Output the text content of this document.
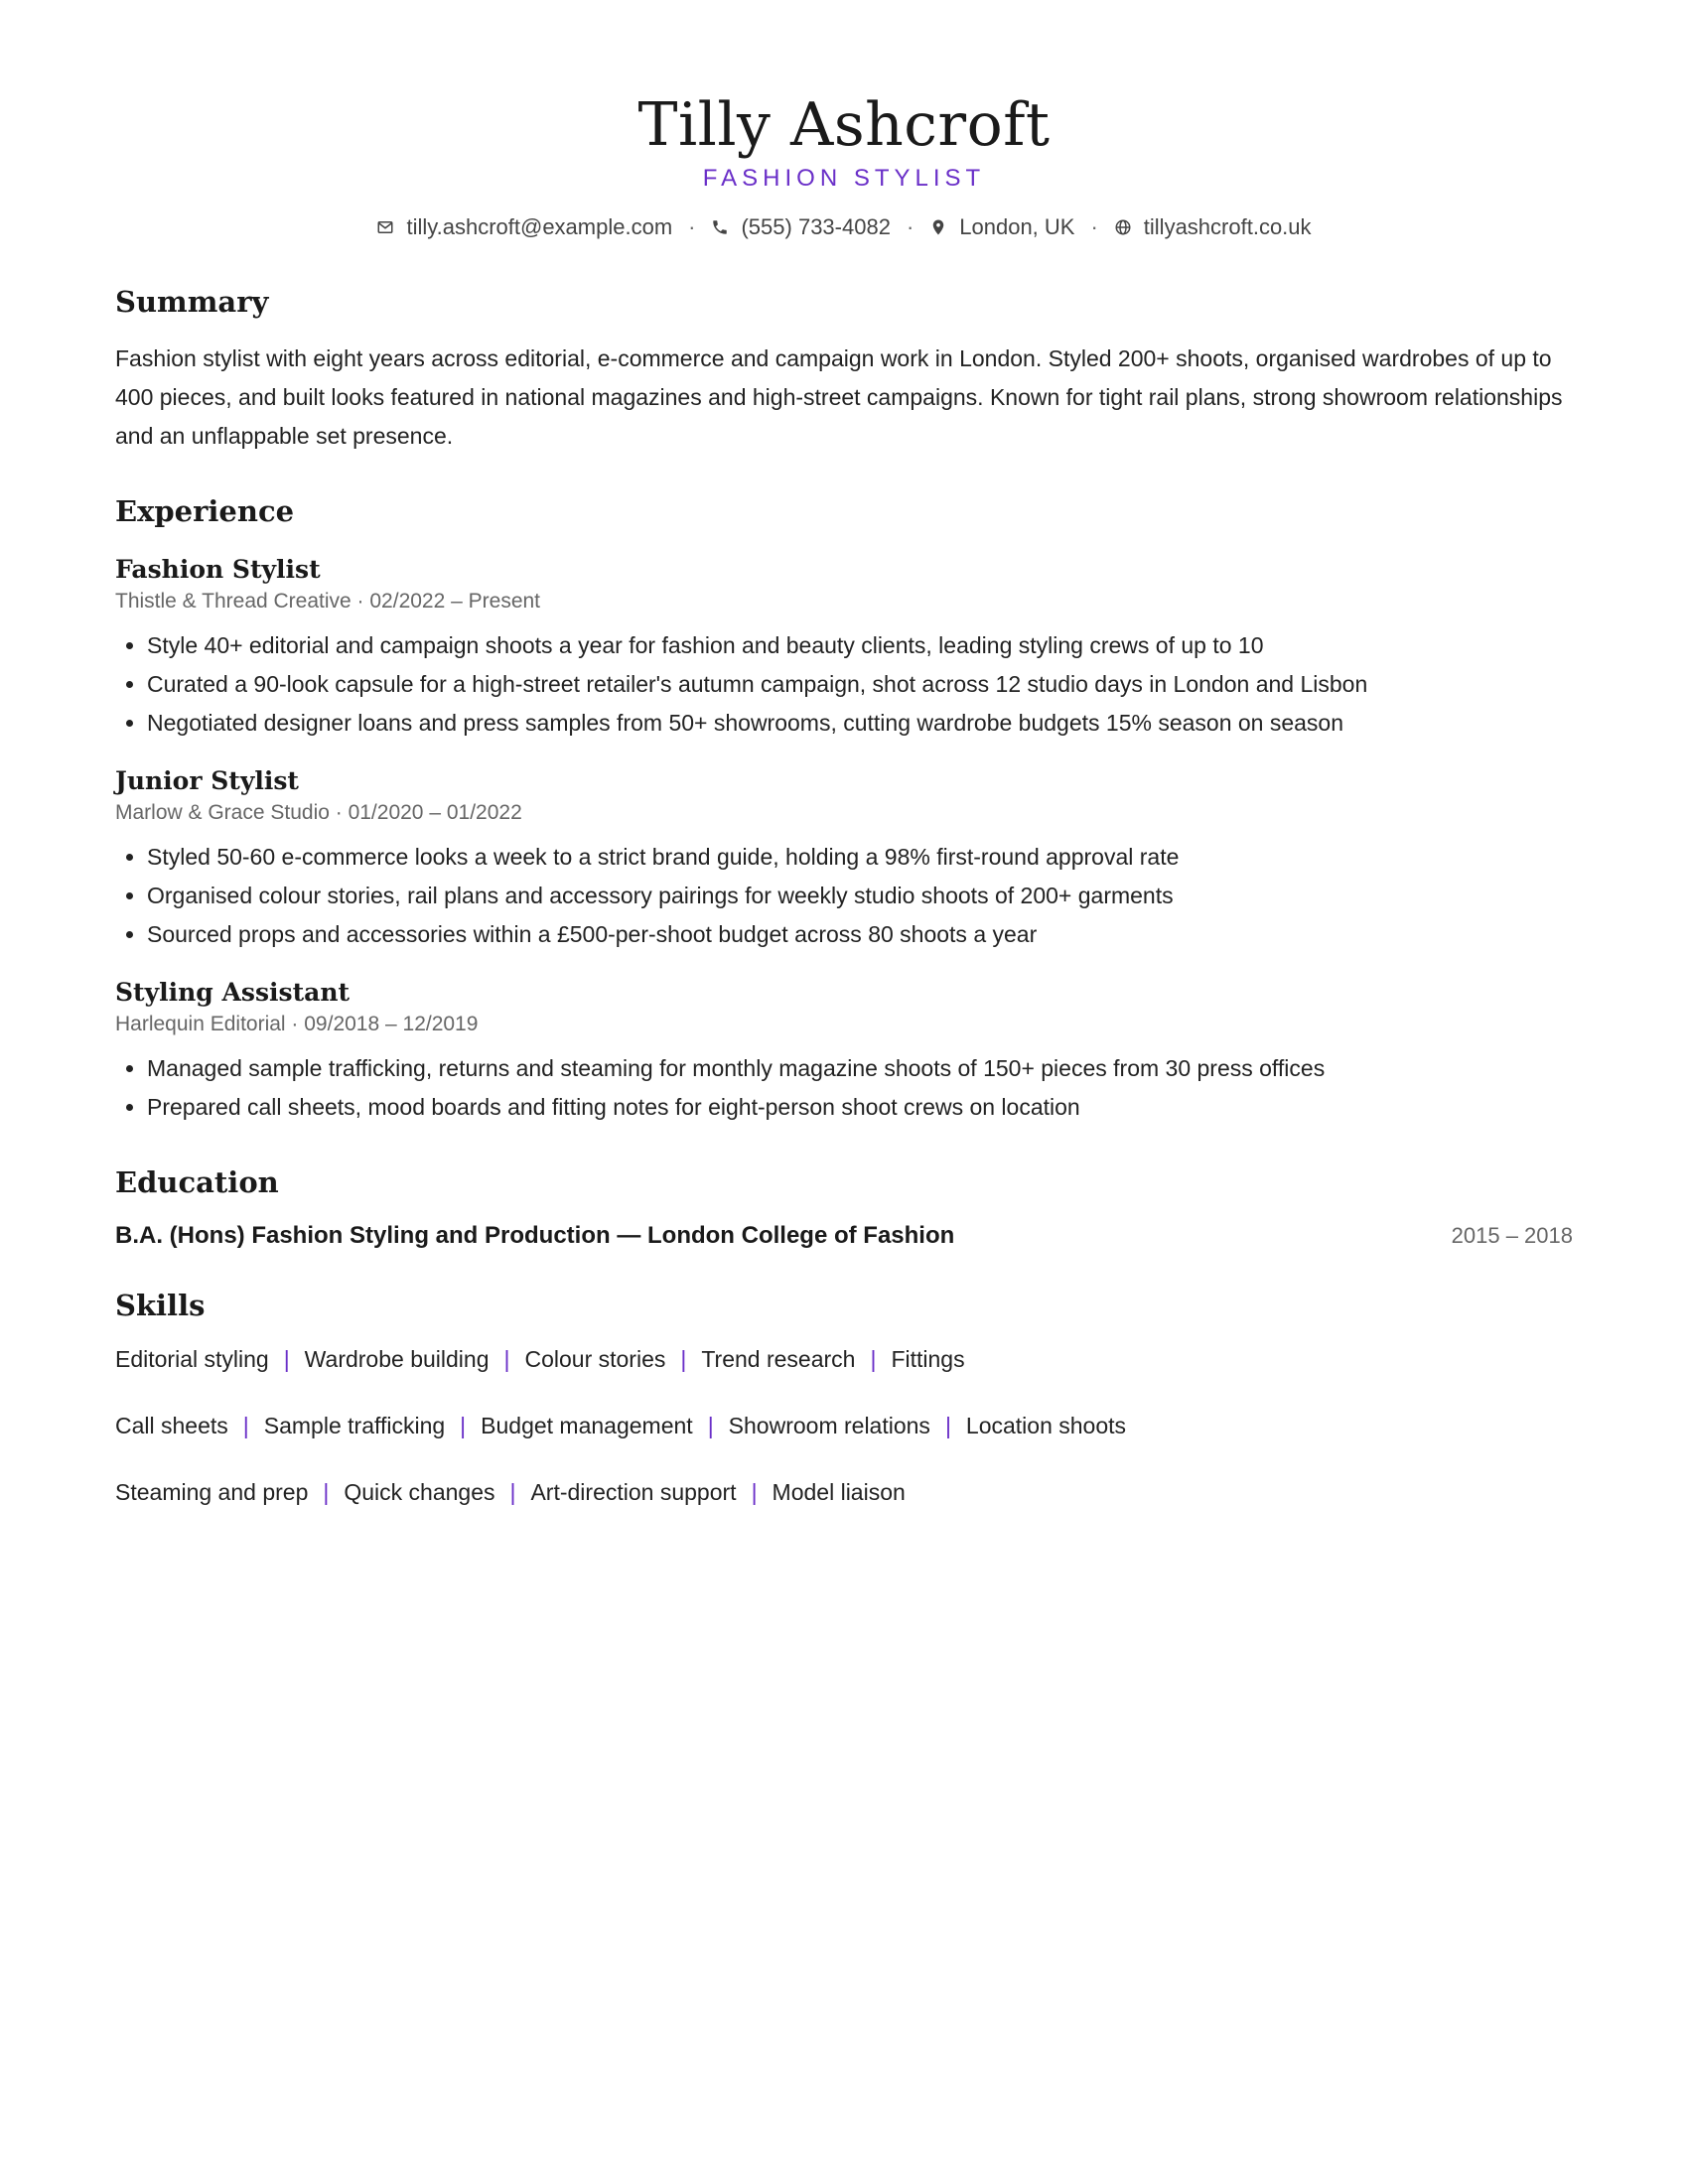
Tilly Ashcroft
FASHION STYLIST
tilly.ashcroft@example.com · (555) 733-4082 · London, UK · tillyashcroft.co.uk
Summary
Fashion stylist with eight years across editorial, e-commerce and campaign work in London. Styled 200+ shoots, organised wardrobes of up to 400 pieces, and built looks featured in national magazines and high-street campaigns. Known for tight rail plans, strong showroom relationships and an unflappable set presence.
Experience
Fashion Stylist
Thistle & Thread Creative · 02/2022 – Present
• Style 40+ editorial and campaign shoots a year for fashion and beauty clients, leading styling crews of up to 10
• Curated a 90-look capsule for a high-street retailer's autumn campaign, shot across 12 studio days in London and Lisbon
• Negotiated designer loans and press samples from 50+ showrooms, cutting wardrobe budgets 15% season on season
Junior Stylist
Marlow & Grace Studio · 01/2020 – 01/2022
• Styled 50-60 e-commerce looks a week to a strict brand guide, holding a 98% first-round approval rate
• Organised colour stories, rail plans and accessory pairings for weekly studio shoots of 200+ garments
• Sourced props and accessories within a £500-per-shoot budget across 80 shoots a year
Styling Assistant
Harlequin Editorial · 09/2018 – 12/2019
• Managed sample trafficking, returns and steaming for monthly magazine shoots of 150+ pieces from 30 press offices
• Prepared call sheets, mood boards and fitting notes for eight-person shoot crews on location
Education
B.A. (Hons) Fashion Styling and Production — London College of Fashion	2015 – 2018
Skills
Editorial styling | Wardrobe building | Colour stories | Trend research | Fittings
Call sheets | Sample trafficking | Budget management | Showroom relations | Location shoots
Steaming and prep | Quick changes | Art-direction support | Model liaison
